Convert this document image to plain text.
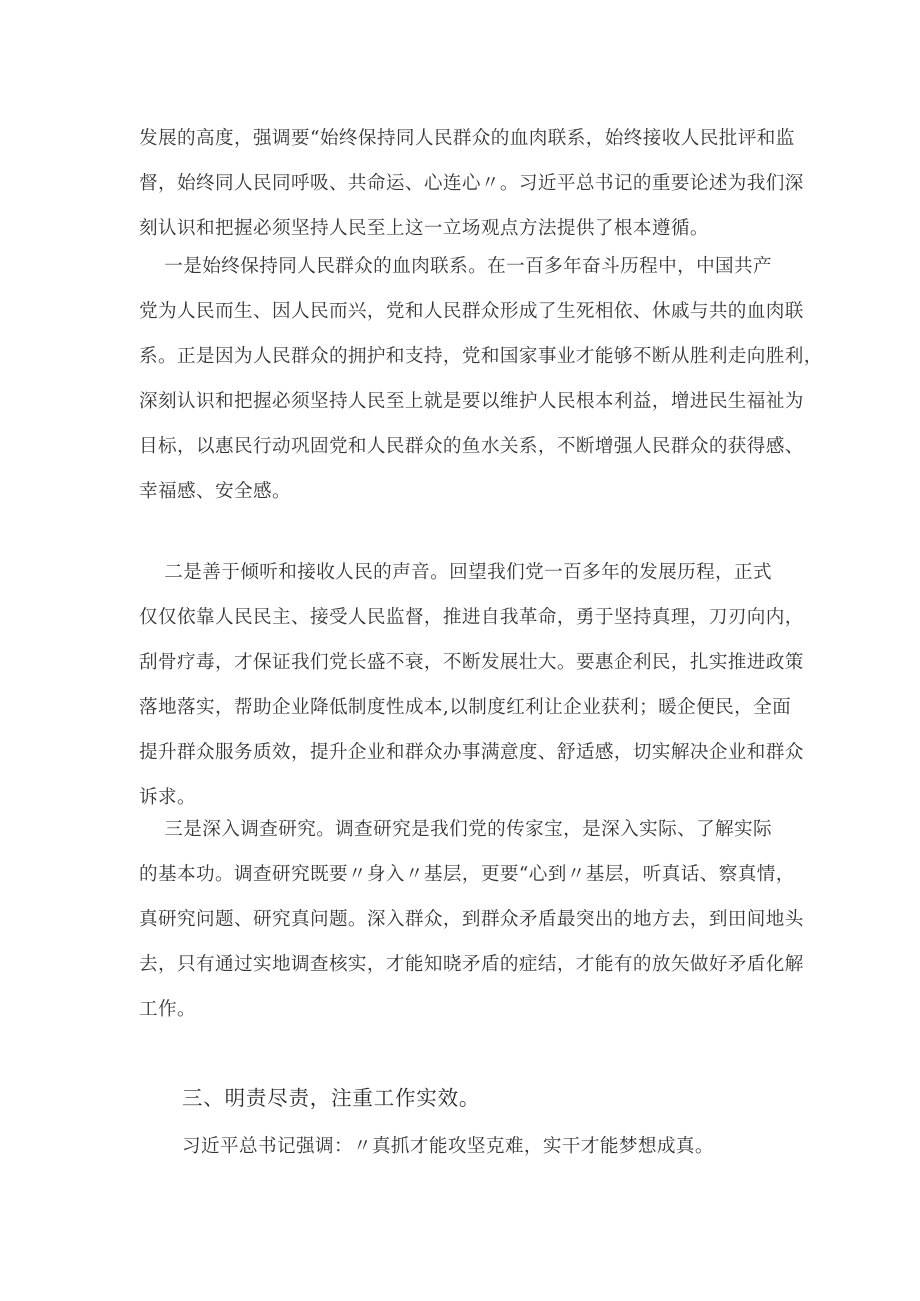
发展的高度，强调要“始终保持同人民群众的血肉联系，始终接收人民批评和监
督，始终同人民同呼吸、共命运、心连心〃。习近平总书记的重要论述为我们深
刻认识和把握必须坚持人民至上这一立场观点方法提供了根本遵循。
一是始终保持同人民群众的血肉联系。在一百多年奋斗历程中，中国共产
党为人民而生、因人民而兴，党和人民群众形成了生死相依、休戚与共的血肉联
系。正是因为人民群众的拥护和支持，党和国家事业才能够不断从胜利走向胜利，
深刻认识和把握必须坚持人民至上就是要以维护人民根本利益，增进民生福祉为
目标，以惠民行动巩固党和人民群众的鱼水关系，不断增强人民群众的获得感、
幸福感、安全感。
二是善于倾听和接收人民的声音。回望我们党一百多年的发展历程，正式
仅仅依靠人民民主、接受人民监督，推进自我革命，勇于坚持真理，刀刃向内，
刮骨疗毒，才保证我们党长盛不衰，不断发展壮大。要惠企利民，扎实推进政策
落地落实，帮助企业降低制度性成本,以制度红利让企业获利；暖企便民，全面
提升群众服务质效，提升企业和群众办事满意度、舒适感，切实解决企业和群众
诉求。
三是深入调查研究。调查研究是我们党的传家宝，是深入实际、了解实际
的基本功。调查研究既要〃身入〃基层，更要“心到〃基层，听真话、察真情，
真研究问题、研究真问题。深入群众，到群众矛盾最突出的地方去，到田间地头
去，只有通过实地调查核实，才能知晓矛盾的症结，才能有的放矢做好矛盾化解
工作。
三、明责尽责，注重工作实效。
习近平总书记强调：〃真抓才能攻坚克难，实干才能梦想成真。
